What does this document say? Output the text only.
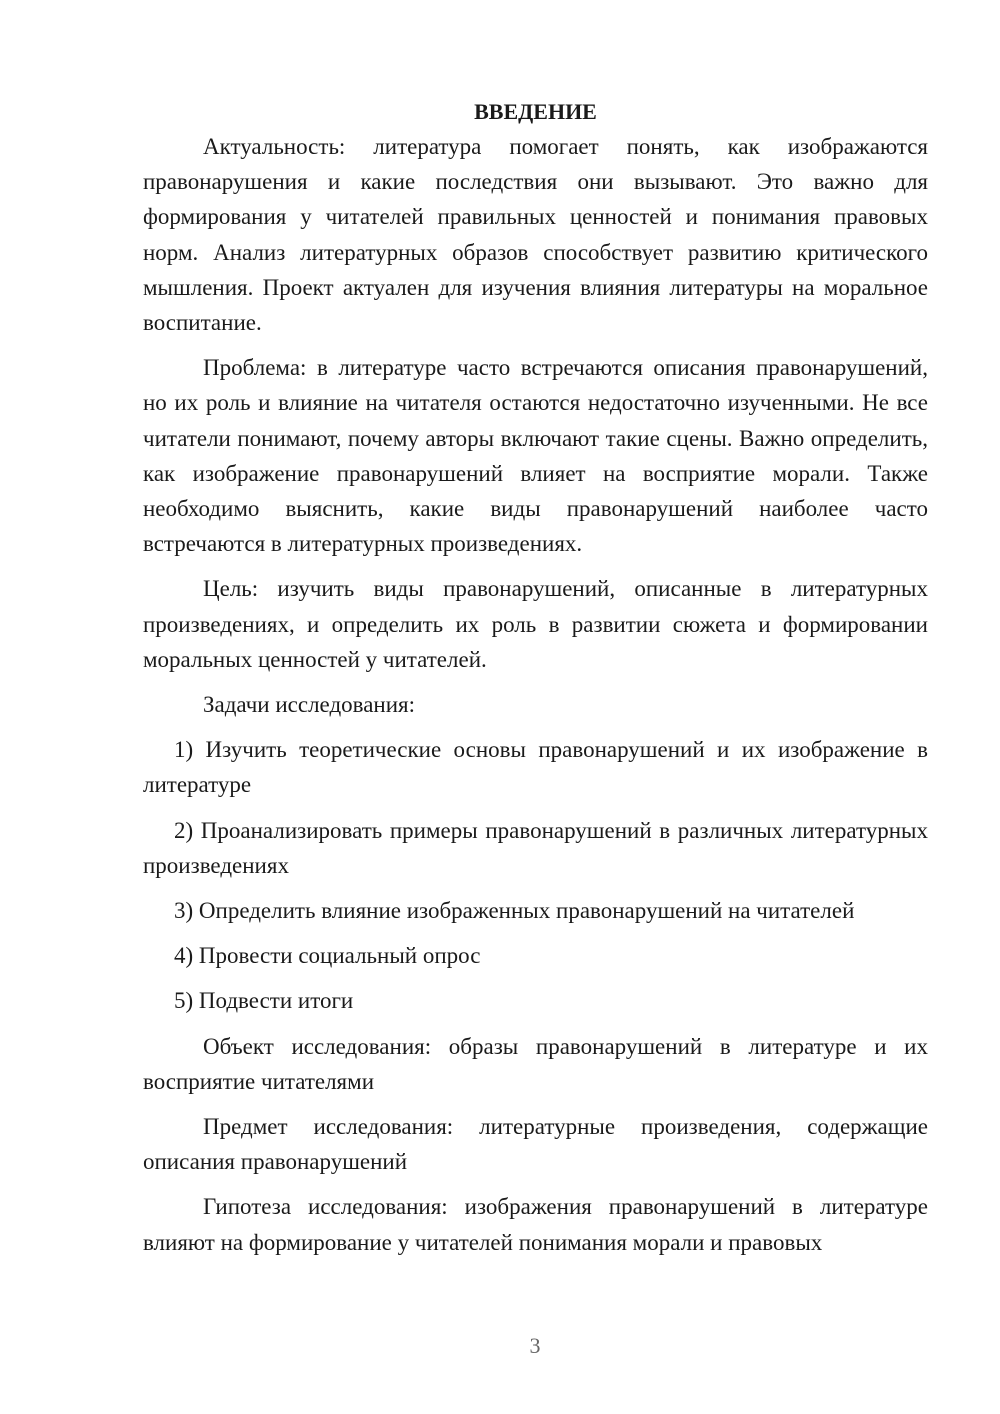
ВВЕДЕНИЕ

Актуальность: литература помогает понять, как изображаются правонарушения и какие последствия они вызывают. Это важно для формирования у читателей правильных ценностей и понимания правовых норм. Анализ литературных образов способствует развитию критического мышления. Проект актуален для изучения влияния литературы на моральное воспитание.

Проблема: в литературе часто встречаются описания правонарушений, но их роль и влияние на читателя остаются недостаточно изученными. Не все читатели понимают, почему авторы включают такие сцены. Важно определить, как изображение правонарушений влияет на восприятие морали. Также необходимо выяснить, какие виды правонарушений наиболее часто встречаются в литературных произведениях.

Цель: изучить виды правонарушений, описанные в литературных произведениях, и определить их роль в развитии сюжета и формировании моральных ценностей у читателей.

Задачи исследования:

1) Изучить теоретические основы правонарушений и их изображение в литературе

2) Проанализировать примеры правонарушений в различных литературных произведениях

3) Определить влияние изображенных правонарушений на читателей

4) Провести социальный опрос

5) Подвести итоги

Объект исследования: образы правонарушений в литературе и их восприятие читателями

Предмет исследования: литературные произведения, содержащие описания правонарушений

Гипотеза исследования: изображения правонарушений в литературе влияют на формирование у читателей понимания морали и правовых

3
